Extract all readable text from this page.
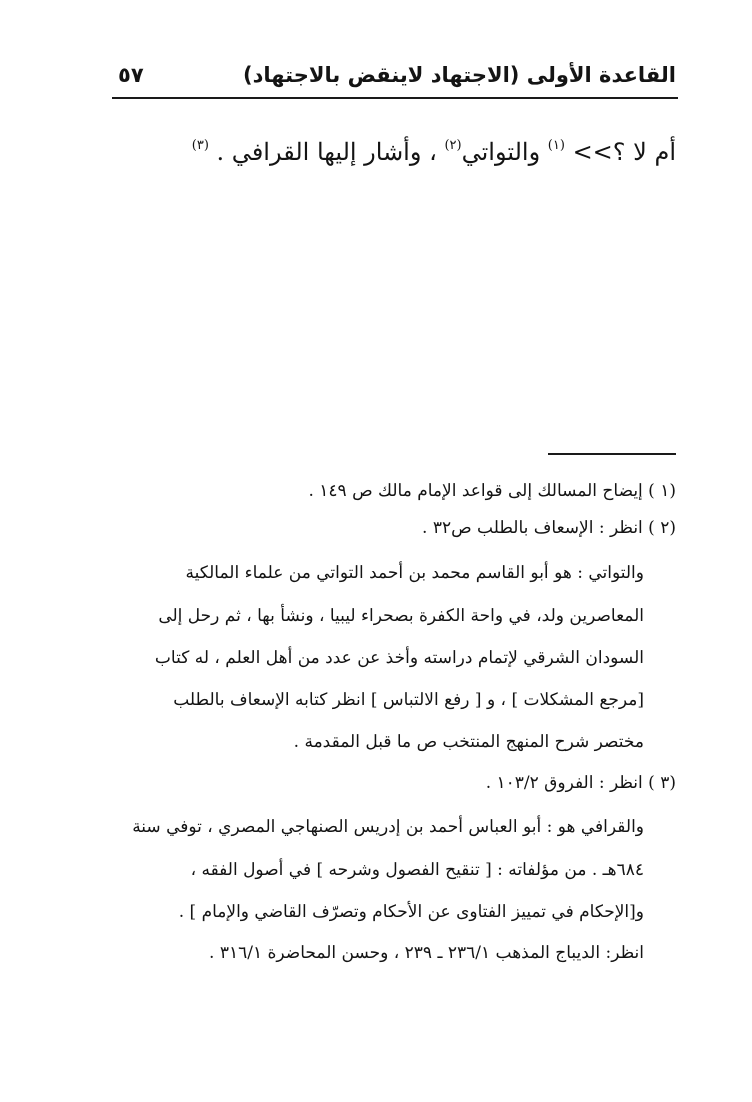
القاعدة الأولى (الاجتهاد لاينقض بالاجتهاد)
٥٧
أم لا ؟>> $^{(١)}$ والتواتي$^{(٢)}$ ، وأشار إليها القرافي . $^{(٣)}$
(١ ) إيضاح المسالك إلى قواعد الإمام مالك ص ١٤٩ .
(٢ ) انظر : الإسعاف بالطلب ص٣٢ .
والتواتي : هو أبو القاسم محمد بن أحمد التواتي من علماء المالكية
المعاصرين ولد، في واحة الكفرة بصحراء ليبيا ، ونشأ بها ، ثم رحل إلى
السودان الشرقي لإتمام دراسته وأخذ عن عدد من أهل العلم ، له كتاب
[مرجع المشكلات ] ، و [ رفع الالتباس ] انظر كتابه الإسعاف بالطلب
مختصر شرح المنهج المنتخب ص ما قبل المقدمة .
(٣ ) انظر : الفروق ١٠٣/٢ .
والقرافي هو : أبو العباس أحمد بن إدريس الصنهاجي المصري ، توفي سنة
٦٨٤هـ . من مؤلفاته : [ تنقيح الفصول وشرحه ] في أصول الفقه ،
و[الإحكام في تمييز الفتاوى عن الأحكام وتصرّف القاضي والإمام ] .
انظر: الديباج المذهب ٢٣٦/١ ـ ٢٣٩ ، وحسن المحاضرة ٣١٦/١ .
